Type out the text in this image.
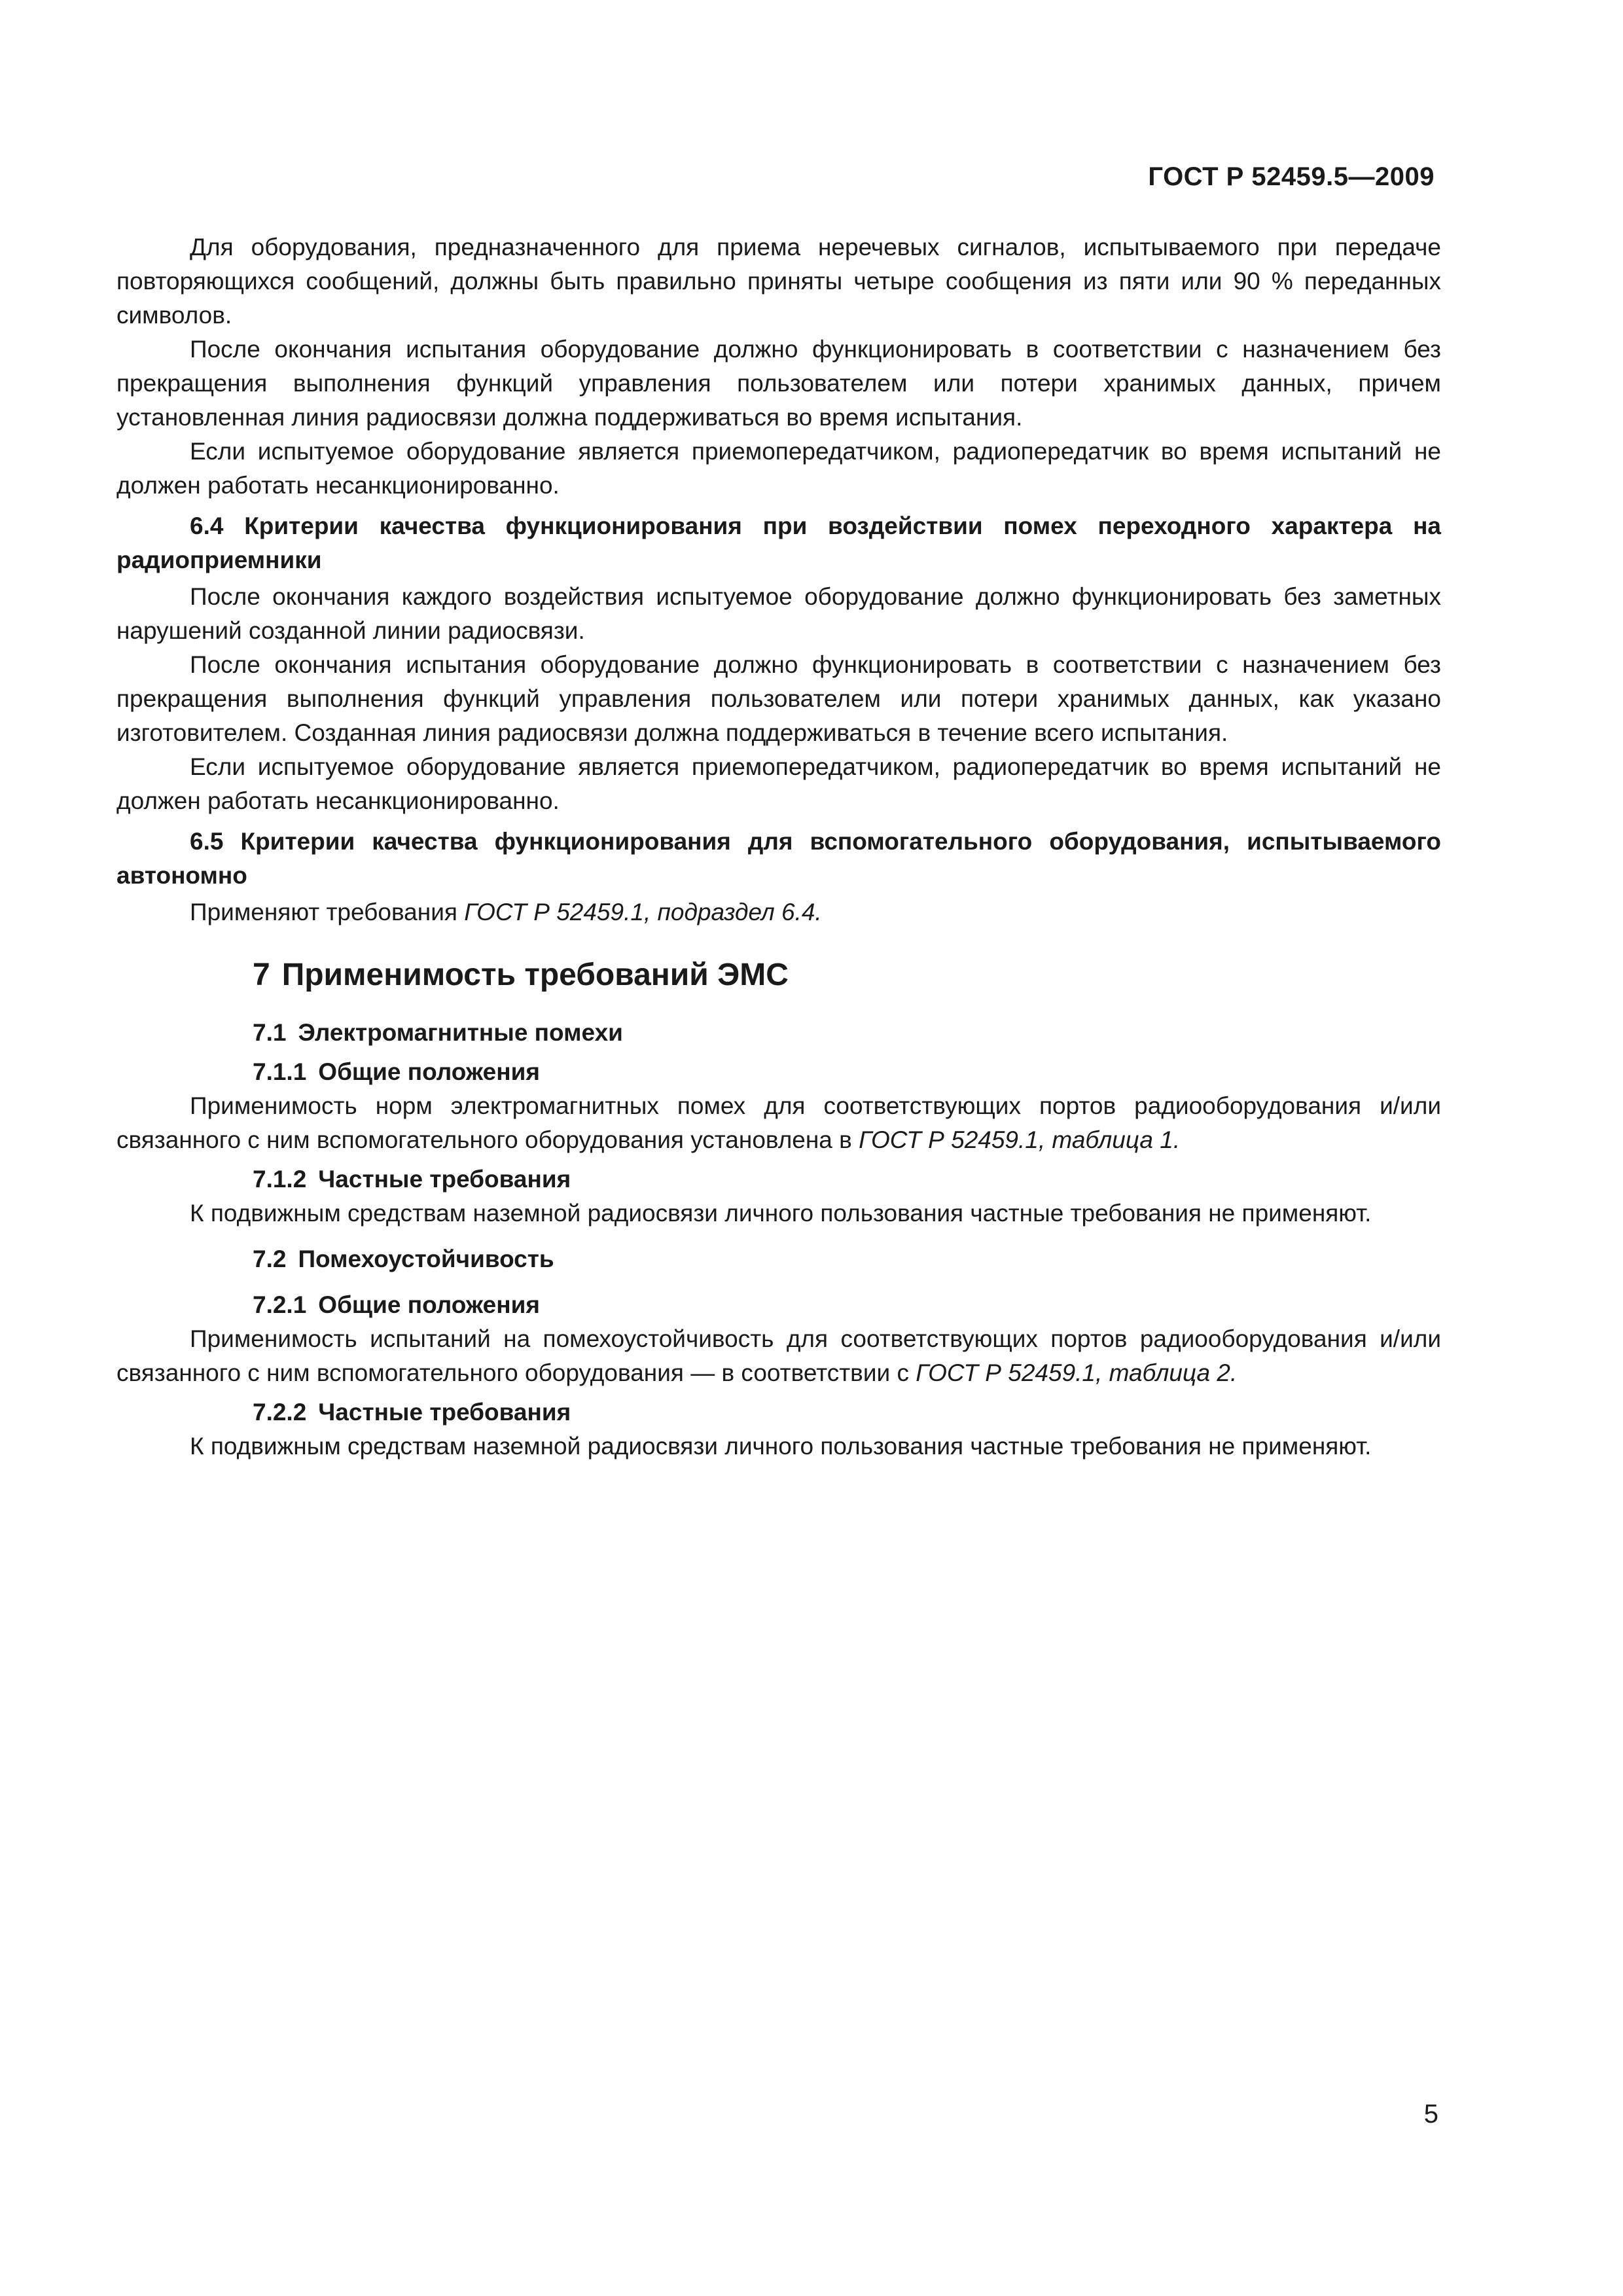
ГОСТ Р 52459.5—2009

Для оборудования, предназначенного для приема неречевых сигналов, испытываемого при передаче повторяющихся сообщений, должны быть правильно приняты четыре сообщения из пяти или 90 % переданных символов.

После окончания испытания оборудование должно функционировать в соответствии с назначением без прекращения выполнения функций управления пользователем или потери хранимых данных, причем установленная линия радиосвязи должна поддерживаться во время испытания.

Если испытуемое оборудование является приемопередатчиком, радиопередатчик во время испытаний не должен работать несанкционированно.

6.4 Критерии качества функционирования при воздействии помех переходного характера на радиоприемники

После окончания каждого воздействия испытуемое оборудование должно функционировать без заметных нарушений созданной линии радиосвязи.

После окончания испытания оборудование должно функционировать в соответствии с назначением без прекращения выполнения функций управления пользователем или потери хранимых данных, как указано изготовителем. Созданная линия радиосвязи должна поддерживаться в течение всего испытания.

Если испытуемое оборудование является приемопередатчиком, радиопередатчик во время испытаний не должен работать несанкционированно.

6.5 Критерии качества функционирования для вспомогательного оборудования, испытываемого автономно

Применяют требования ГОСТ Р 52459.1, подраздел 6.4.

7 Применимость требований ЭМС
7.1 Электромагнитные помехи
7.1.1 Общие положения

Применимость норм электромагнитных помех для соответствующих портов радиооборудования и/или связанного с ним вспомогательного оборудования установлена в ГОСТ Р 52459.1, таблица 1.

7.1.2 Частные требования

К подвижным средствам наземной радиосвязи личного пользования частные требования не применяют.

7.2 Помехоустойчивость
7.2.1 Общие положения

Применимость испытаний на помехоустойчивость для соответствующих портов радиооборудования и/или связанного с ним вспомогательного оборудования — в соответствии с ГОСТ Р 52459.1, таблица 2.

7.2.2 Частные требования

К подвижным средствам наземной радиосвязи личного пользования частные требования не применяют.

5
